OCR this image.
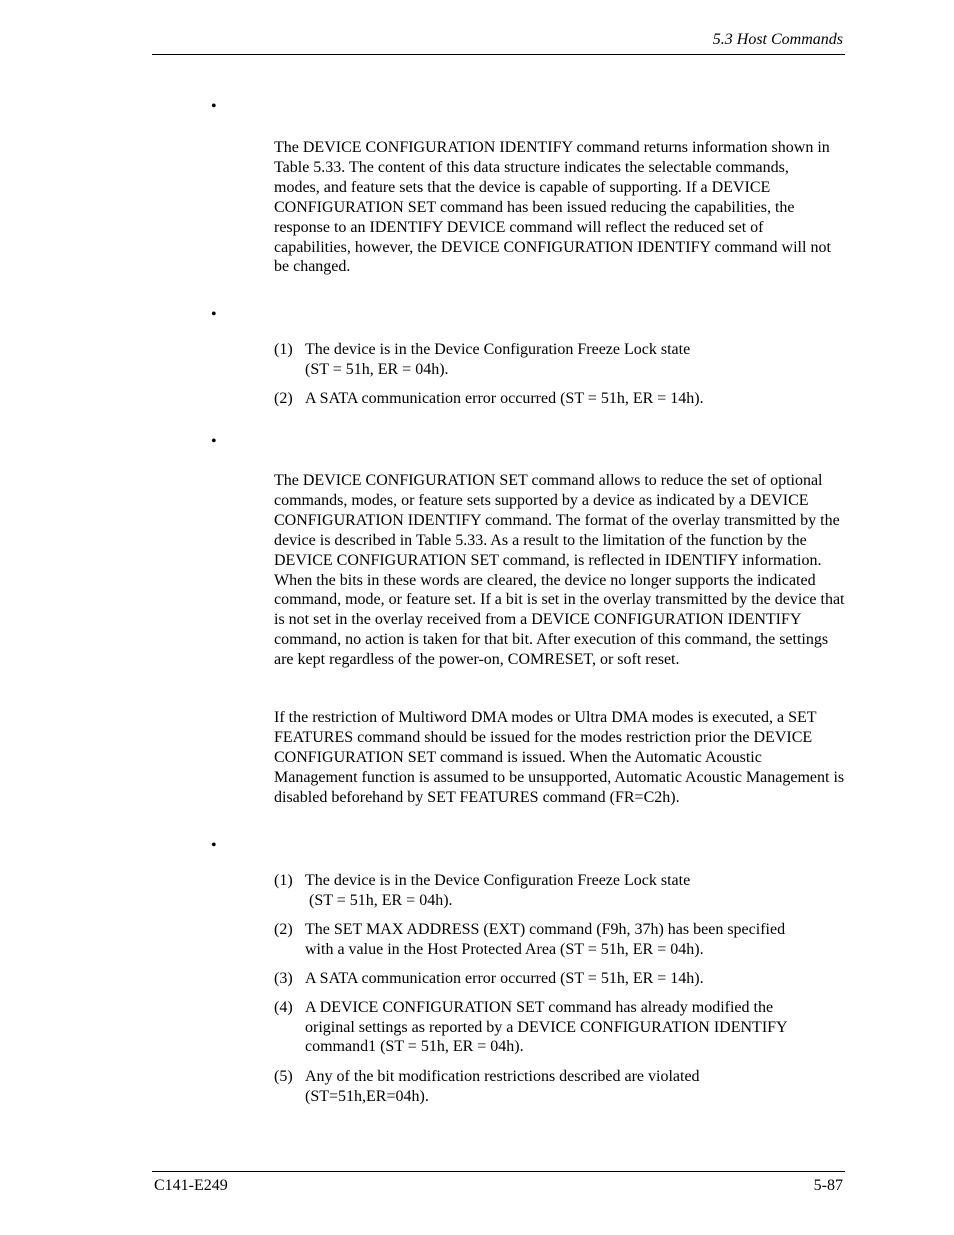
5.3 Host Commands
•

The DEVICE CONFIGURATION IDENTIFY command returns information shown in Table 5.33. The content of this data structure indicates the selectable commands, modes, and feature sets that the device is capable of supporting. If a DEVICE CONFIGURATION SET command has been issued reducing the capabilities, the response to an IDENTIFY DEVICE command will reflect the reduced set of capabilities, however, the DEVICE CONFIGURATION IDENTIFY command will not be changed.

•
(1) The device is in the Device Configuration Freeze Lock state
(ST = 51h, ER = 04h).
(2) A SATA communication error occurred (ST = 51h, ER = 14h).
•

The DEVICE CONFIGURATION SET command allows to reduce the set of optional commands, modes, or feature sets supported by a device as indicated by a DEVICE CONFIGURATION IDENTIFY command. The format of the overlay transmitted by the device is described in Table 5.33. As a result to the limitation of the function by the DEVICE CONFIGURATION SET command, is reflected in IDENTIFY information. When the bits in these words are cleared, the device no longer supports the indicated command, mode, or feature set. If a bit is set in the overlay transmitted by the device that is not set in the overlay received from a DEVICE CONFIGURATION IDENTIFY command, no action is taken for that bit. After execution of this command, the settings are kept regardless of the power-on, COMRESET, or soft reset.

If the restriction of Multiword DMA modes or Ultra DMA modes is executed, a SET FEATURES command should be issued for the modes restriction prior the DEVICE CONFIGURATION SET command is issued. When the Automatic Acoustic Management function is assumed to be unsupported, Automatic Acoustic Management is disabled beforehand by SET FEATURES command (FR=C2h).

•
(1) The device is in the Device Configuration Freeze Lock state
(ST = 51h, ER = 04h).
(2) The SET MAX ADDRESS (EXT) command (F9h, 37h) has been specified
with a value in the Host Protected Area (ST = 51h, ER = 04h).
(3) A SATA communication error occurred (ST = 51h, ER = 14h).
(4) A DEVICE CONFIGURATION SET command has already modified the
original settings as reported by a DEVICE CONFIGURATION IDENTIFY
command1 (ST = 51h, ER = 04h).
(5) Any of the bit modification restrictions described are violated
(ST=51h,ER=04h).
C141-E249	5-87
